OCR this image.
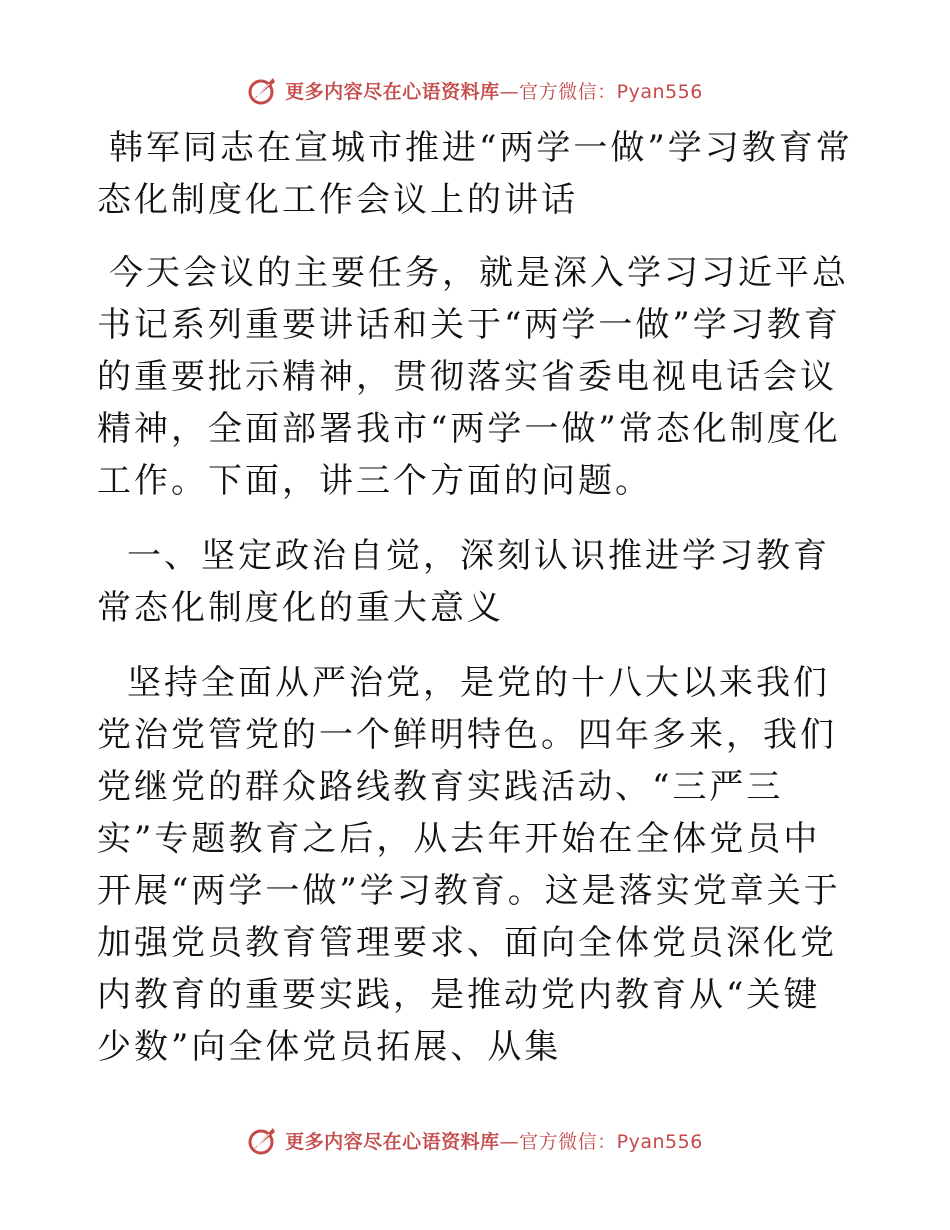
更多内容尽在心语资料库—官方微信：Pyan556
韩军同志在宣城市推进“两学一做”学习教育常态化制度化工作会议上的讲话

今天会议的主要任务，就是深入学习习近平总书记系列重要讲话和关于“两学一做”学习教育的重要批示精神，贯彻落实省委电视电话会议精神，全面部署我市“两学一做”常态化制度化工作。下面，讲三个方面的问题。

一、坚定政治自觉，深刻认识推进学习教育常态化制度化的重大意义

坚持全面从严治党，是党的十八大以来我们党治党管党的一个鲜明特色。四年多来，我们党继党的群众路线教育实践活动、“三严三实”专题教育之后，从去年开始在全体党员中开展“两学一做”学习教育。这是落实党章关于加强党员教育管理要求、面向全体党员深化党内教育的重要实践，是推动党内教育从“关键少数”向全体党员拓展、从集

更多内容尽在心语资料库—官方微信：Pyan556
